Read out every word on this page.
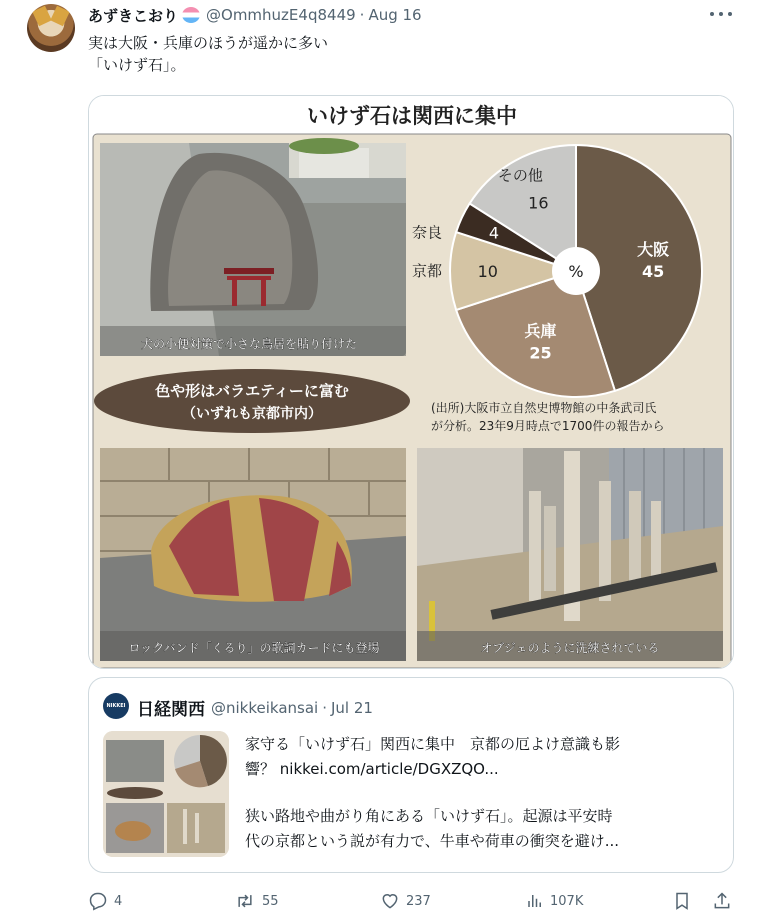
あずきこおり @OmmhuzE4q8449 · Aug 16
実は大阪・兵庫のほうが遥かに多い
「いけず石」。
いけず石は関西に集中
犬の小便対策で小さな鳥居を貼り付けた
色や形はバラエティーに富む
（いずれも京都市内）
大阪
45
兵庫
25
京都 10
奈良	4
その他
16
%
(出所)大阪市立自然史博物館の中条武司氏
が分析。23年9月時点で1700件の報告から
ロックバンド「くるり」の歌詞カードにも登場	オブジェのように洗練されている
NIKKEI 日経関西 @nikkeikansai · Jul 21

家守る「いけず石」関西に集中　京都の厄よけ意識も影
響？ nikkei.com/article/DGXZQO...

狭い路地や曲がり角にある「いけず石」。起源は平安時
代の京都という説が有力で、牛車や荷車の衝突を避け...

4	55	237	107K
